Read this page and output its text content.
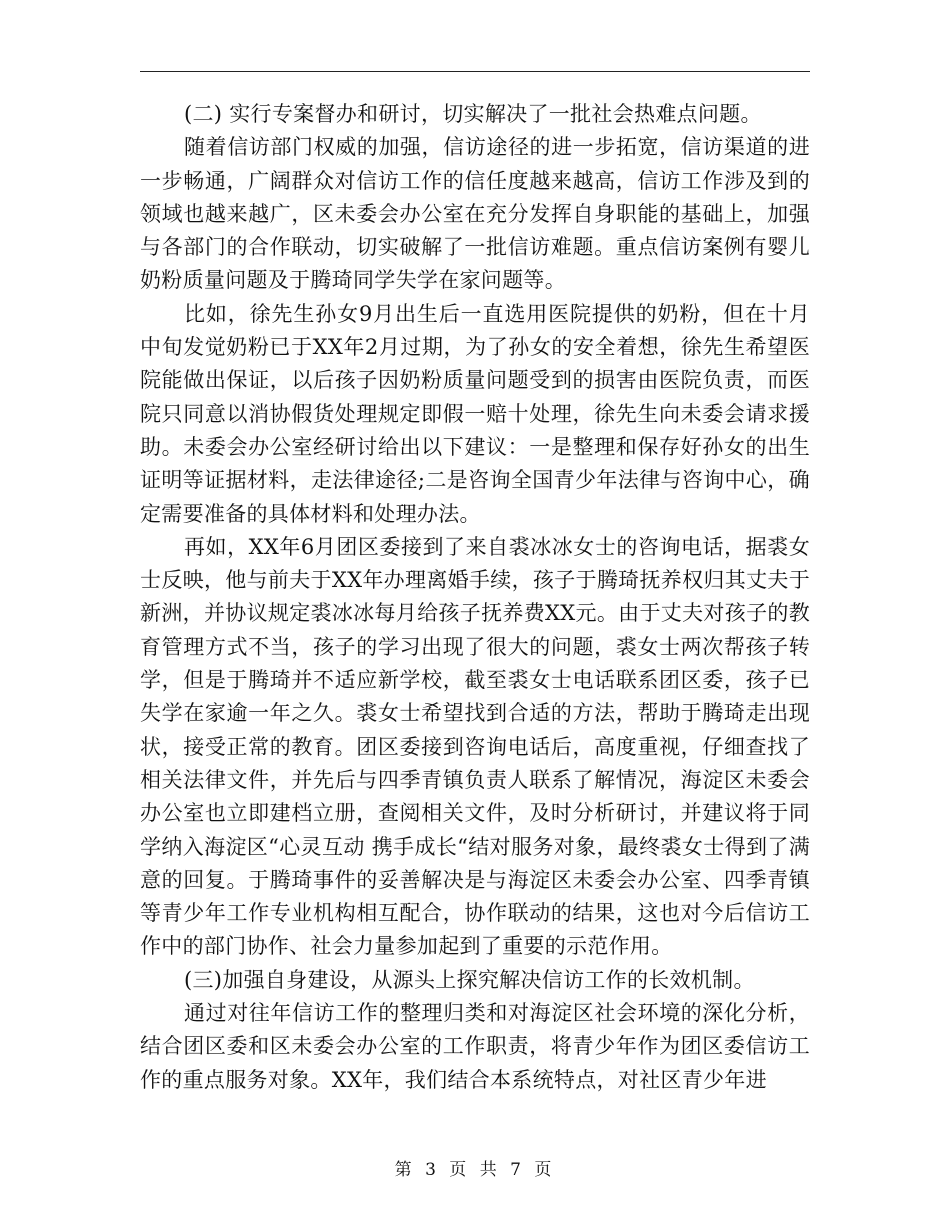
(二) 实行专案督办和研讨，切实解决了一批社会热难点问题。

随着信访部门权威的加强，信访途径的进一步拓宽，信访渠道的进一步畅通，广阔群众对信访工作的信任度越来越高，信访工作涉及到的领域也越来越广，区未委会办公室在充分发挥自身职能的基础上，加强与各部门的合作联动，切实破解了一批信访难题。重点信访案例有婴儿奶粉质量问题及于腾琦同学失学在家问题等。

比如，徐先生孙女9月出生后一直选用医院提供的奶粉，但在十月中旬发觉奶粉已于XX年2月过期，为了孙女的安全着想，徐先生希望医院能做出保证，以后孩子因奶粉质量问题受到的损害由医院负责，而医院只同意以消协假货处理规定即假一赔十处理，徐先生向未委会请求援助。未委会办公室经研讨给出以下建议：一是整理和保存好孙女的出生证明等证据材料，走法律途径;二是咨询全国青少年法律与咨询中心，确定需要准备的具体材料和处理办法。

再如，XX年6月团区委接到了来自裘冰冰女士的咨询电话，据裘女士反映，他与前夫于XX年办理离婚手续，孩子于腾琦抚养权归其丈夫于新洲，并协议规定裘冰冰每月给孩子抚养费XX元。由于丈夫对孩子的教育管理方式不当，孩子的学习出现了很大的问题，裘女士两次帮孩子转学，但是于腾琦并不适应新学校，截至裘女士电话联系团区委，孩子已失学在家逾一年之久。裘女士希望找到合适的方法，帮助于腾琦走出现状，接受正常的教育。团区委接到咨询电话后，高度重视，仔细查找了相关法律文件，并先后与四季青镇负责人联系了解情况，海淀区未委会办公室也立即建档立册，查阅相关文件，及时分析研讨，并建议将于同学纳入海淀区“心灵互动 携手成长“结对服务对象，最终裘女士得到了满意的回复。于腾琦事件的妥善解决是与海淀区未委会办公室、四季青镇等青少年工作专业机构相互配合，协作联动的结果，这也对今后信访工作中的部门协作、社会力量参加起到了重要的示范作用。

(三)加强自身建设，从源头上探究解决信访工作的长效机制。

通过对往年信访工作的整理归类和对海淀区社会环境的深化分析，结合团区委和区未委会办公室的工作职责，将青少年作为团区委信访工作的重点服务对象。XX年，我们结合本系统特点，对社区青少年进

第 3 页 共 7 页
